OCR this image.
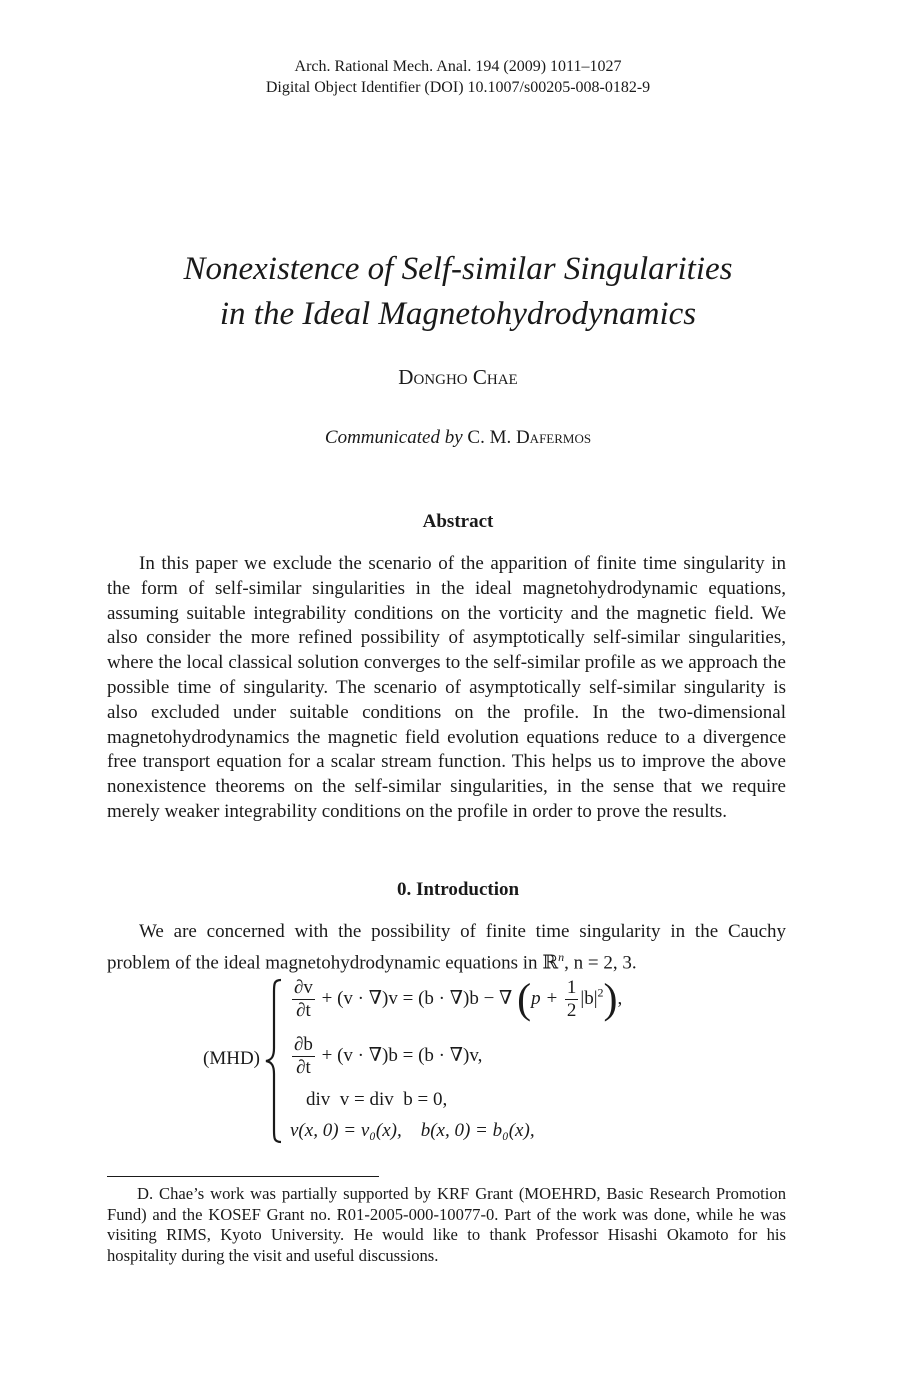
Arch. Rational Mech. Anal. 194 (2009) 1011–1027
Digital Object Identifier (DOI) 10.1007/s00205-008-0182-9
Nonexistence of Self-similar Singularities
in the Ideal Magnetohydrodynamics
Dongho Chae
Communicated by C. M. Dafermos
Abstract

In this paper we exclude the scenario of the apparition of finite time singularity in the form of self-similar singularities in the ideal magnetohydrodynamic equations, assuming suitable integrability conditions on the vorticity and the magnetic field. We also consider the more refined possibility of asymptotically self-similar singularities, where the local classical solution converges to the self-similar profile as we approach the possible time of singularity. The scenario of asymptotically self-similar singularity is also excluded under suitable conditions on the profile. In the two-dimensional magnetohydrodynamics the magnetic field evolution equations reduce to a divergence free transport equation for a scalar stream function. This helps us to improve the above nonexistence theorems on the self-similar singularities, in the sense that we require merely weaker integrability conditions on the profile in order to prove the results.

0. Introduction

We are concerned with the possibility of finite time singularity in the Cauchy problem of the ideal magnetohydrodynamic equations in ℝ$^n$, n = 2, 3.

(MHD)
$\frac{\partial v}{\partial t} + (v \cdot \nabla)v = (b \cdot \nabla)b$ − ∇ $(p + \frac{1}{2} |b|^2)$,
$\frac{\partial b}{\partial t} + (v \cdot \nabla)b = (b \cdot \nabla)v$,
div  v = div  b = 0,
v(x, 0) = v₀(x),    b(x, 0) = b₀(x),

D. Chae’s work was partially supported by KRF Grant (MOEHRD, Basic Research Promotion Fund) and the KOSEF Grant no. R01-2005-000-10077-0. Part of the work was done, while he was visiting RIMS, Kyoto University. He would like to thank Professor Hisashi Okamoto for his hospitality during the visit and useful discussions.
